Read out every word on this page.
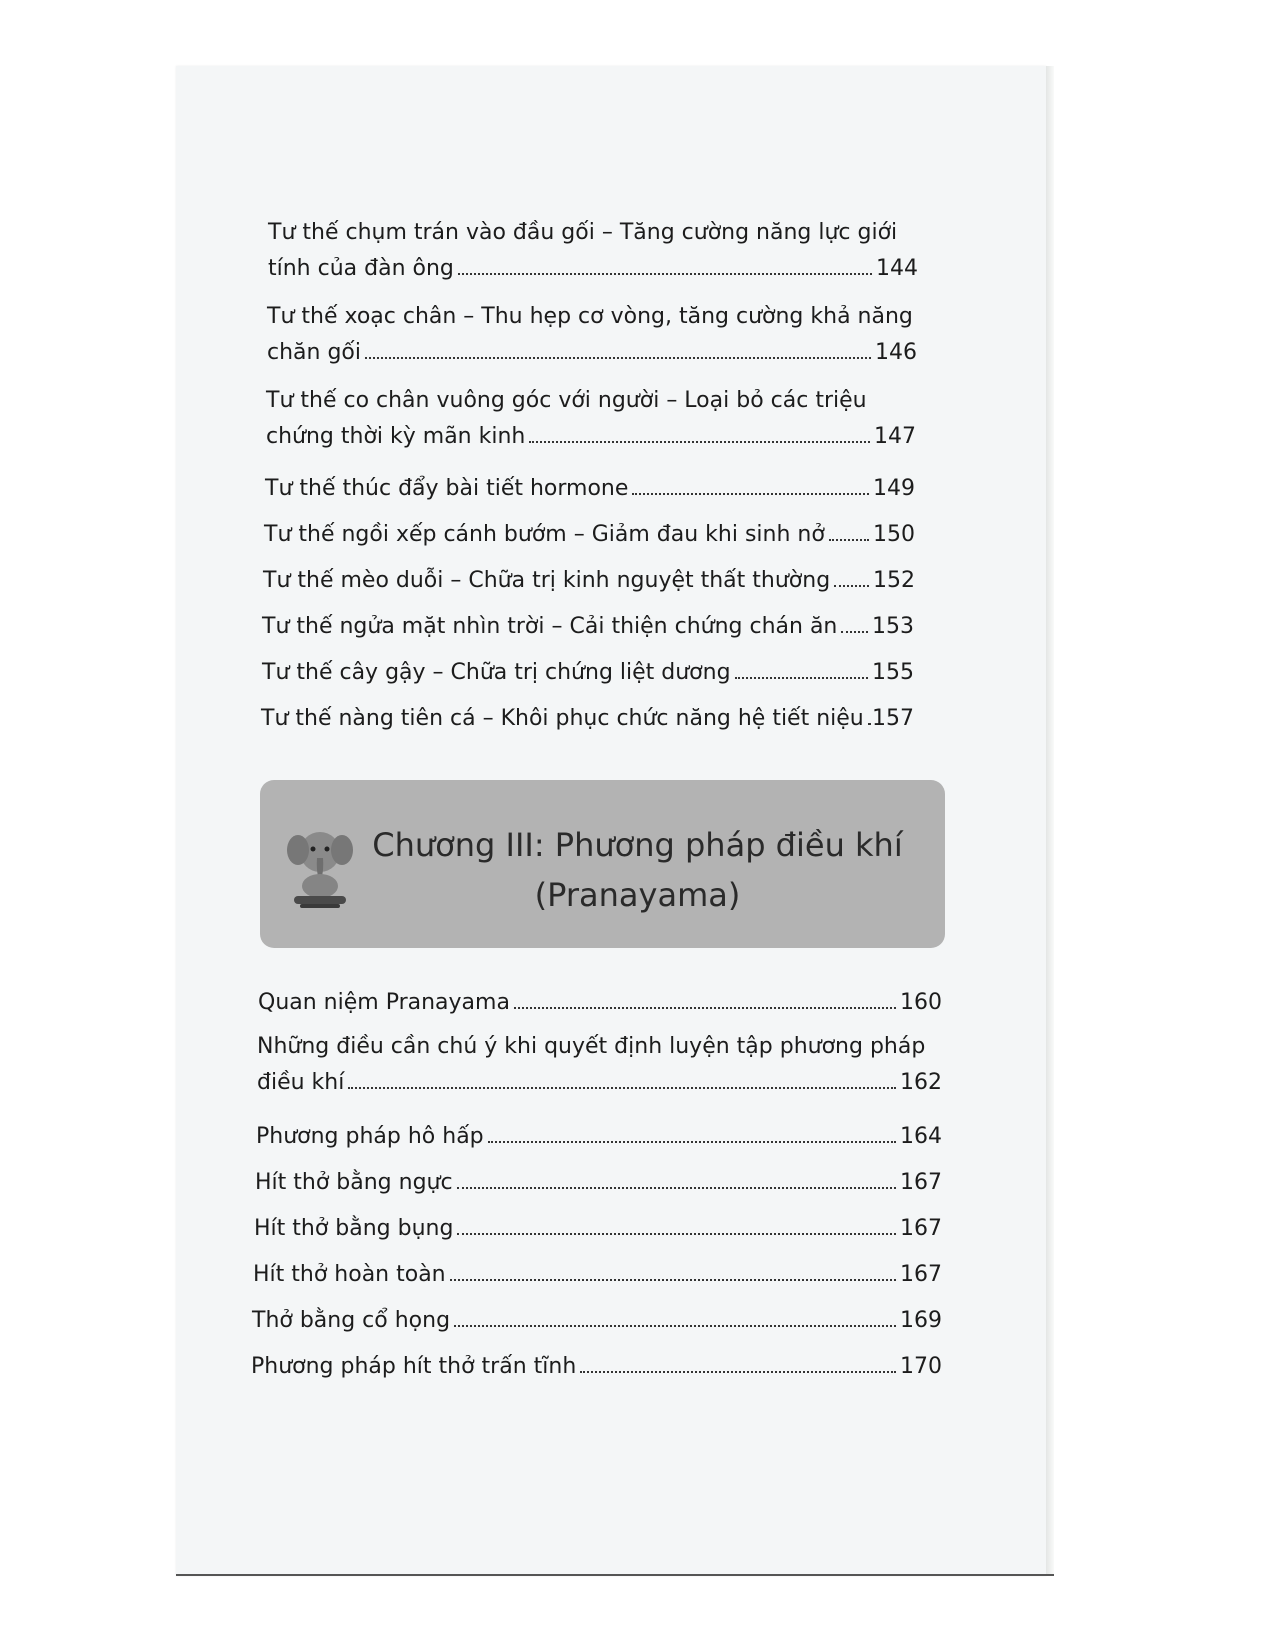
Tư thế chụm trán vào đầu gối – Tăng cường năng lực giới
tính của đàn ông	144
Tư thế xoạc chân – Thu hẹp cơ vòng, tăng cường khả năng
chăn gối	146
Tư thế co chân vuông góc với người – Loại bỏ các triệu
chứng thời kỳ mãn kinh	147
Tư thế thúc đẩy bài tiết hormone	149
Tư thế ngồi xếp cánh bướm – Giảm đau khi sinh nở 150
Tư thế mèo duỗi – Chữa trị kinh nguyệt thất thường 152
Tư thế ngửa mặt nhìn trời – Cải thiện chứng chán ăn 153
Tư thế cây gậy – Chữa trị chứng liệt dương	155
Tư thế nàng tiên cá – Khôi phục chức năng hệ tiết niệu 157
Chương III: Phương pháp điều khí
(Pranayama)
Quan niệm Pranayama	160
Những điều cần chú ý khi quyết định luyện tập phương pháp
điều khí	162
Phương pháp hô hấp	164
Hít thở bằng ngực	167
Hít thở bằng bụng	167
Hít thở hoàn toàn	167
Thở bằng cổ họng	169
Phương pháp hít thở trấn tĩnh	170
